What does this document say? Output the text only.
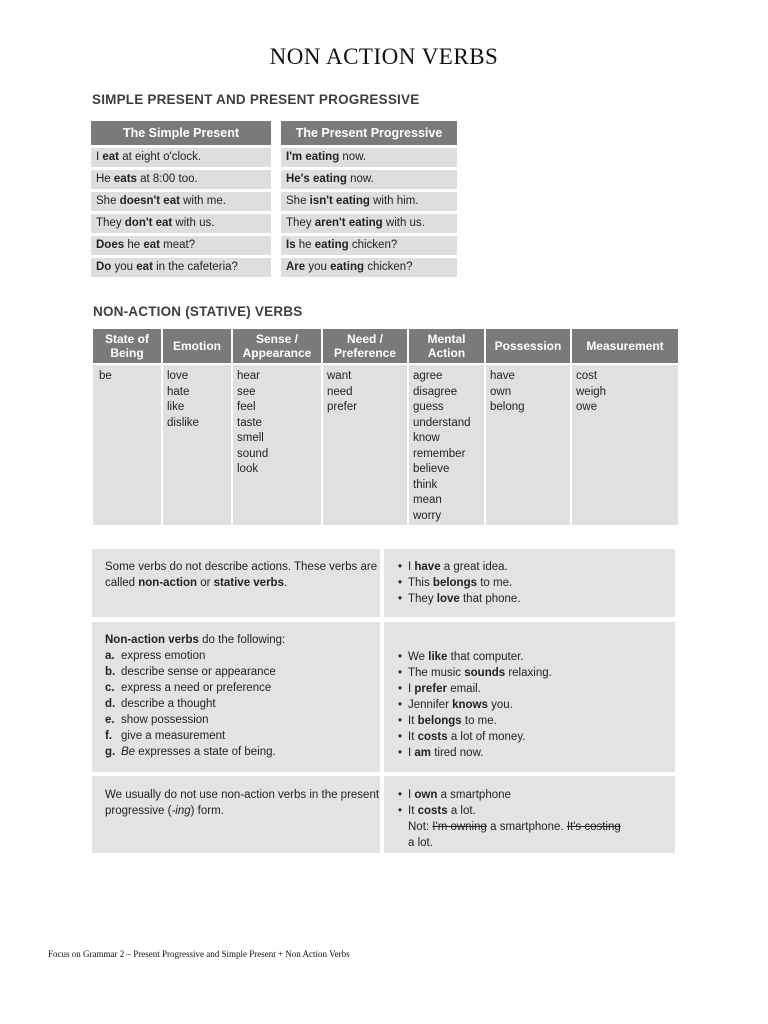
NON ACTION VERBS
SIMPLE PRESENT AND PRESENT PROGRESSIVE
The Simple Present
I eat at eight o'clock.
He eats at 8:00 too.
She doesn't eat with me.
They don't eat with us.
Does he eat meat?
Do you eat in the cafeteria?
The Present Progressive
I'm eating now.
He's eating now.
She isn't eating with him.
They aren't eating with us.
Is he eating chicken?
Are you eating chicken?
NON-ACTION (STATIVE) VERBS
State of Being
be
Emotion
love
hate
like
dislike
Sense / Appearance
hear
see
feel
taste
smell
sound
look
Need / Preference
want
need
prefer
Mental Action
agree
disagree
guess
understand
know
remember
believe
think
mean
worry
Possession
have
own
belong
Measurement
cost
weigh
owe
Some verbs do not describe actions. These verbs are called non-action or stative verbs.
• I have a great idea.
• This belongs to me.
• They love that phone.
Non-action verbs do the following:
a. express emotion
b. describe sense or appearance
c. express a need or preference
d. describe a thought
e. show possession
f. give a measurement
g. Be expresses a state of being.
• We like that computer.
• The music sounds relaxing.
• I prefer email.
• Jennifer knows you.
• It belongs to me.
• It costs a lot of money.
• I am tired now.
We usually do not use non-action verbs in the present progressive (-ing) form.
• I own a smartphone
• It costs a lot.
Not: I'm owning a smartphone. It's costing
a lot.
Focus on Grammar 2 – Present Progressive and Simple Present + Non Action Verbs
